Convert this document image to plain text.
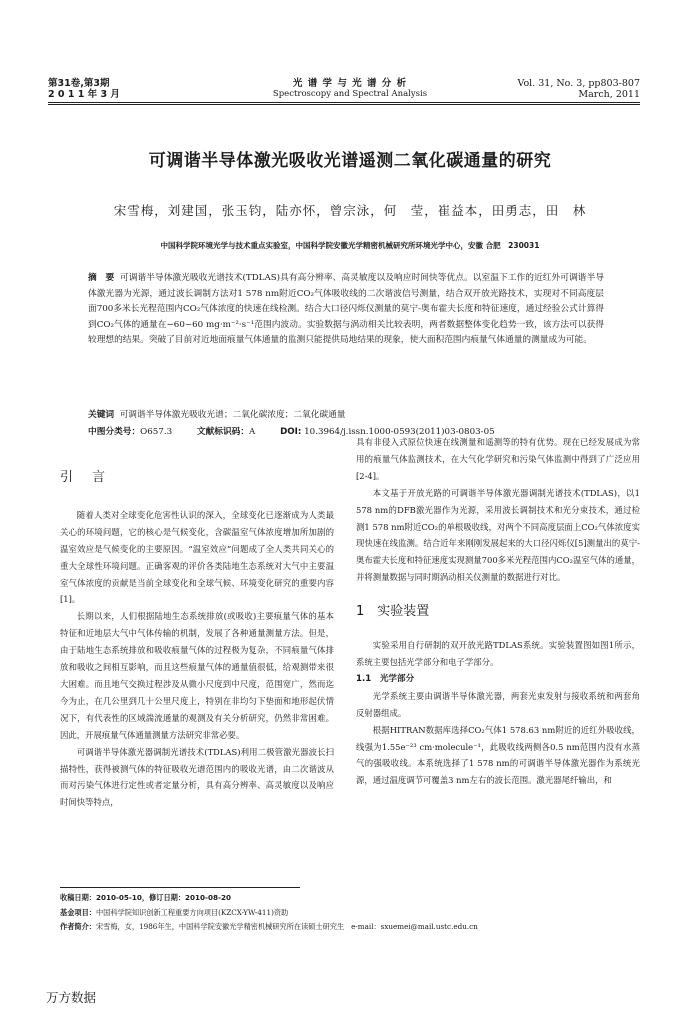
第31卷,第3期
2 0 1 1 年 3 月
光 谱 学 与 光 谱 分 析
Spectroscopy and Spectral Analysis
Vol. 31, No. 3, pp803-807
March, 2011
可调谐半导体激光吸收光谱遥测二氧化碳通量的研究
宋雪梅，刘建国，张玉钧，陆亦怀，曾宗泳，何　莹，崔益本，田勇志，田　林
中国科学院环境光学与技术重点实验室，中国科学院安徽光学精密机械研究所环境光学中心，安徽 合肥　230031
摘　要 可调谐半导体激光吸收光谱技术(TDLAS)具有高分辨率、高灵敏度以及响应时间快等优点。以室温下工作的近红外可调谐半导体激光器为光源，通过波长调制方法对1 578 nm附近CO₂气体吸收线的二次谐波信号测量，结合双开放光路技术，实现对不同高度层面700多米长光程范围内CO₂气体浓度的快速在线检测。结合大口径闪烁仪测量的莫宁-奥布霍夫长度和特征速度，通过经验公式计算得到CO₂气体的通量在−60~60 mg·m⁻²·s⁻¹范围内波动。实验数据与涡动相关比较表明，两者数据整体变化趋势一致，该方法可以获得较理想的结果。突破了目前对近地面痕量气体通量的监测只能提供局地结果的现象，使大面积范围内痕量气体通量的测量成为可能。
关键词 可调谐半导体激光吸收光谱；二氧化碳浓度；二氧化碳通量
中图分类号：O657.3	文献标识码：A	DOI: 10.3964/j.issn.1000-0593(2011)03-0803-05
引　言

随着人类对全球变化危害性认识的深入，全球变化已逐渐成为人类最关心的环境问题，它的核心是气候变化，含碳温室气体浓度增加所加剧的温室效应是气候变化的主要原因。“温室效应”问题成了全人类共同关心的重大全球性环境问题。正确客观的评价各类陆地生态系统对大气中主要温室气体浓度的贡献是当前全球变化和全球气候、环境变化研究的重要内容[1]。

长期以来，人们根据陆地生态系统排放(或吸收)主要痕量气体的基本特征和近地层大气中气体传输的机制，发展了各种通量测量方法。但是，由于陆地生态系统排放和吸收痕量气体的过程极为复杂，不同痕量气体排放和吸收之间相互影响，而且这些痕量气体的通量值很低，给观测带来很大困难。而且地气交换过程涉及从微小尺度到中尺度，范围宽广，然而迄今为止，在几公里到几十公里尺度上，特别在非均匀下垫面和地形起伏情况下，有代表性的区域湍流通量的观测及有关分析研究，仍然非常困难。因此，开展痕量气体通量测量方法研究非常必要。

可调谐半导体激光器调制光谱技术(TDLAS)利用二极管激光器波长扫描特性，获得被测气体的特征吸收光谱范围内的吸收光谱，由二次谐波从而对污染气体进行定性或者定量分析，具有高分辨率、高灵敏度以及响应时间快等特点，

具有非侵入式原位快速在线测量和遥测等的特有优势。现在已经发展成为常用的痕量气体监测技术，在大气化学研究和污染气体监测中得到了广泛应用[2-4]。

本文基于开放光路的可调谐半导体激光器调制光谱技术(TDLAS)，以1 578 nm的DFB激光器作为光源，采用波长调制技术和光分束技术，通过检测1 578 nm附近CO₂的单根吸收线，对两个不同高度层面上CO₂气体浓度实现快速在线监测。结合近年来刚刚发展起来的大口径闪烁仪[5]测量出的莫宁-奥布霍夫长度和特征速度实现测量700多米光程范围内CO₂温室气体的通量，并将测量数据与同时期涡动相关仪测量的数据进行对比。

1　实验装置

实验采用自行研制的双开放光路TDLAS系统。实验装置图如图1所示，系统主要包括光学部分和电子学部分。

1.1　光学部分

光学系统主要由调谐半导体激光器，两套光束发射与接收系统和两套角反射器组成。

根据HITRAN数据库选择CO₂气体1 578.63 nm附近的近红外吸收线，线强为1.55e⁻²³ cm·molecule⁻¹，此吸收线两侧各0.5 nm范围内没有水蒸气的强吸收线。本系统选择了1 578 nm的可调谐半导体激光器作为系统光源，通过温度调节可覆盖3 nm左右的波长范围。激光器尾纤输出，和

收稿日期：2010-05-10，修订日期：2010-08-20
基金项目：中国科学院知识创新工程重要方向项目(KZCX-YW-411)资助
作者简介：宋雪梅，女，1986年生，中国科学院安徽光学精密机械研究所在读硕士研究生 e-mail：sxuemei@mail.ustc.edu.cn
万方数据
